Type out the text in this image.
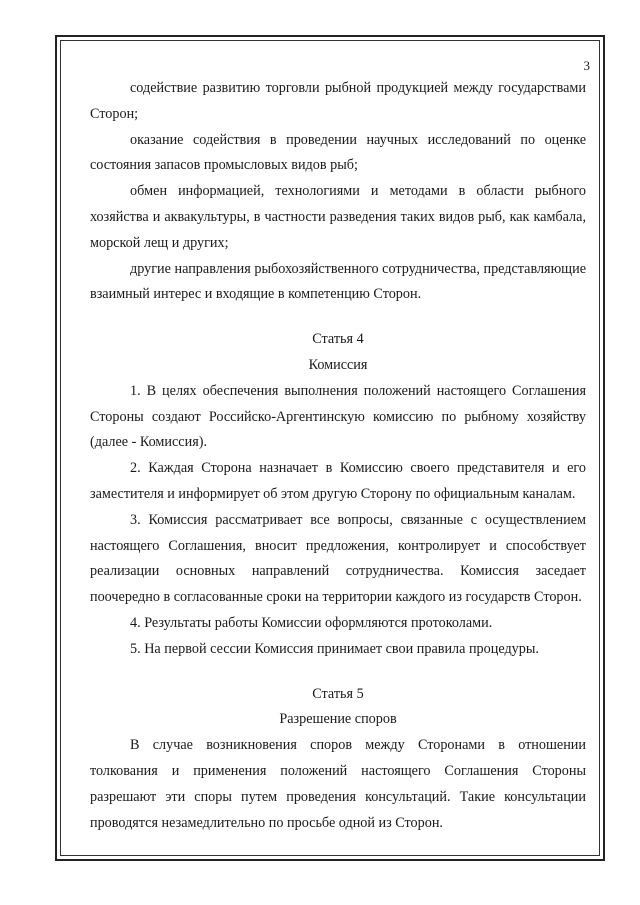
3

содействие развитию торговли рыбной продукцией между государствами Сторон;

оказание содействия в проведении научных исследований по оценке состояния запасов промысловых видов рыб;

обмен информацией, технологиями и методами в области рыбного хозяйства и аквакультуры, в частности разведения таких видов рыб, как камбала, морской лещ и других;

другие направления рыбохозяйственного сотрудничества, представляющие взаимный интерес и входящие в компетенцию Сторон.

Статья 4

Комиссия

1. В целях обеспечения выполнения положений настоящего Соглашения Стороны создают Российско-Аргентинскую комиссию по рыбному хозяйству (далее - Комиссия).

2. Каждая Сторона назначает в Комиссию своего представителя и его заместителя и информирует об этом другую Сторону по официальным каналам.

3. Комиссия рассматривает все вопросы, связанные с осуществлением настоящего Соглашения, вносит предложения, контролирует и способствует реализации основных направлений сотрудничества. Комиссия заседает поочередно в согласованные сроки на территории каждого из государств Сторон.

4. Результаты работы Комиссии оформляются протоколами.

5. На первой сессии Комиссия принимает свои правила процедуры.

Статья 5

Разрешение споров

В случае возникновения споров между Сторонами в отношении толкования и применения положений настоящего Соглашения Стороны разрешают эти споры путем проведения консультаций. Такие консультации проводятся незамедлительно по просьбе одной из Сторон.
